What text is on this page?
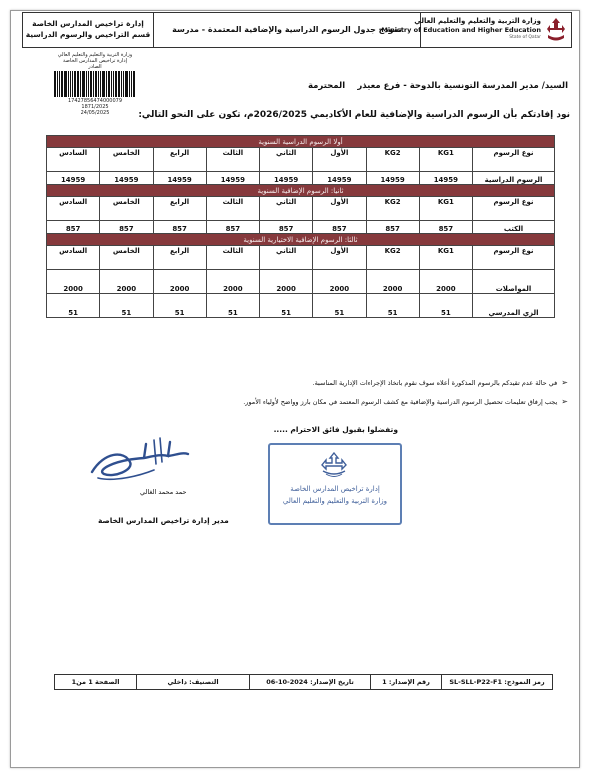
إدارة تراخيص المدارس الخاصة
قسم التراخيص والرسوم الدراسية
نموذج جدول الرسوم الدراسية والإضافية المعتمدة - مدرسة
وزارة التربية والتعليم والتعليم العالي
Ministry of Education and Higher Education
State of Qatar
وزارة التربية والتعليم والتعليم العالي
إدارة تراخيص المدارس الخاصة
الصادر
17427856474000079
1871/2025
24/05/2025
السيد/ مدير المدرسة التونسية بالدوحة - فرع معيذر
المحترمة
نود إفادتكم بأن الرسوم الدراسية والإضافية للعام الأكاديمي 2026/2025م، تكون على النحو التالي:
أولا الرسوم الدراسية السنوية								
نوع الرسوم	KG1	KG2	الأول	الثاني	الثالث	الرابع	الخامس	السادس
الرسوم الدراسية	14959	14959	14959	14959	14959	14959	14959	14959
ثانيا: الرسوم الإضافية السنوية								
نوع الرسوم	KG1	KG2	الأول	الثاني	الثالث	الرابع	الخامس	السادس
الكتب	857	857	857	857	857	857	857	857
ثالثا: الرسوم الإضافية الاختيارية السنوية								
نوع الرسوم	KG1	KG2	الأول	الثاني	الثالث	الرابع	الخامس	السادس
المواصلات	2000	2000	2000	2000	2000	2000	2000	2000
الزي المدرسي	51	51	51	51	51	51	51	51
➢في حالة عدم تقيدكم بالرسوم المذكورة أعلاه سوف نقوم باتخاذ الإجراءات الإدارية المناسبة.
➢يجب إرفاق تعليمات تحصيل الرسوم الدراسية والإضافية مع كشف الرسوم المعتمد في مكان بارز وواضح لأولياء الأمور.
وتفضلوا بقبول فائق الاحترام .....
إدارة تراخيص المدارس الخاصة
وزارة التربية والتعليم والتعليم العالي
حمد محمد الغالي
مدير إدارة تراخيص المدارس الخاصة
رمز النموذج: SL-SLL-P22-F1
رقم الإصدار: 1
تاريخ الإصدار: 2024-10-06
التصنيف: داخلي
الصفحة 1 من1
